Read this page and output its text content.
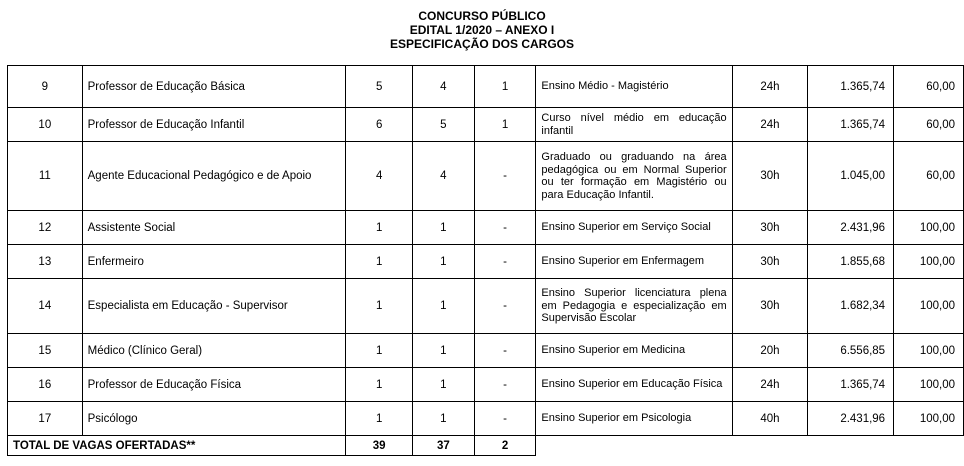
CONCURSO PÚBLICO
EDITAL 1/2020 – ANEXO I
ESPECIFICAÇÃO DOS CARGOS
9	Professor de Educação Básica	5	4	1	Ensino Médio - Magistério	24h	1.365,74	60,00
10	Professor de Educação Infantil	6	5	1	Curso nível médio em educação infantil	24h	1.365,74	60,00
11	Agente Educacional Pedagógico e de Apoio	4	4	-	Graduado ou graduando na área pedagógica ou em Normal Superior ou ter formação em Magistério ou para Educação Infantil.	30h	1.045,00	60,00
12	Assistente Social	1	1	-	Ensino Superior em Serviço Social	30h	2.431,96	100,00
13	Enfermeiro	1	1	-	Ensino Superior em Enfermagem	30h	1.855,68	100,00
14	Especialista em Educação - Supervisor	1	1	-	Ensino Superior licenciatura plena em Pedagogia e especialização em Supervisão Escolar	30h	1.682,34	100,00
15	Médico (Clínico Geral)	1	1	-	Ensino Superior em Medicina	20h	6.556,85	100,00
16	Professor de Educação Física	1	1	-	Ensino Superior em Educação Física	24h	1.365,74	100,00
17	Psicólogo	1	1	-	Ensino Superior em Psicologia	40h	2.431,96	100,00
TOTAL DE VAGAS OFERTADAS**		39	37	2				
